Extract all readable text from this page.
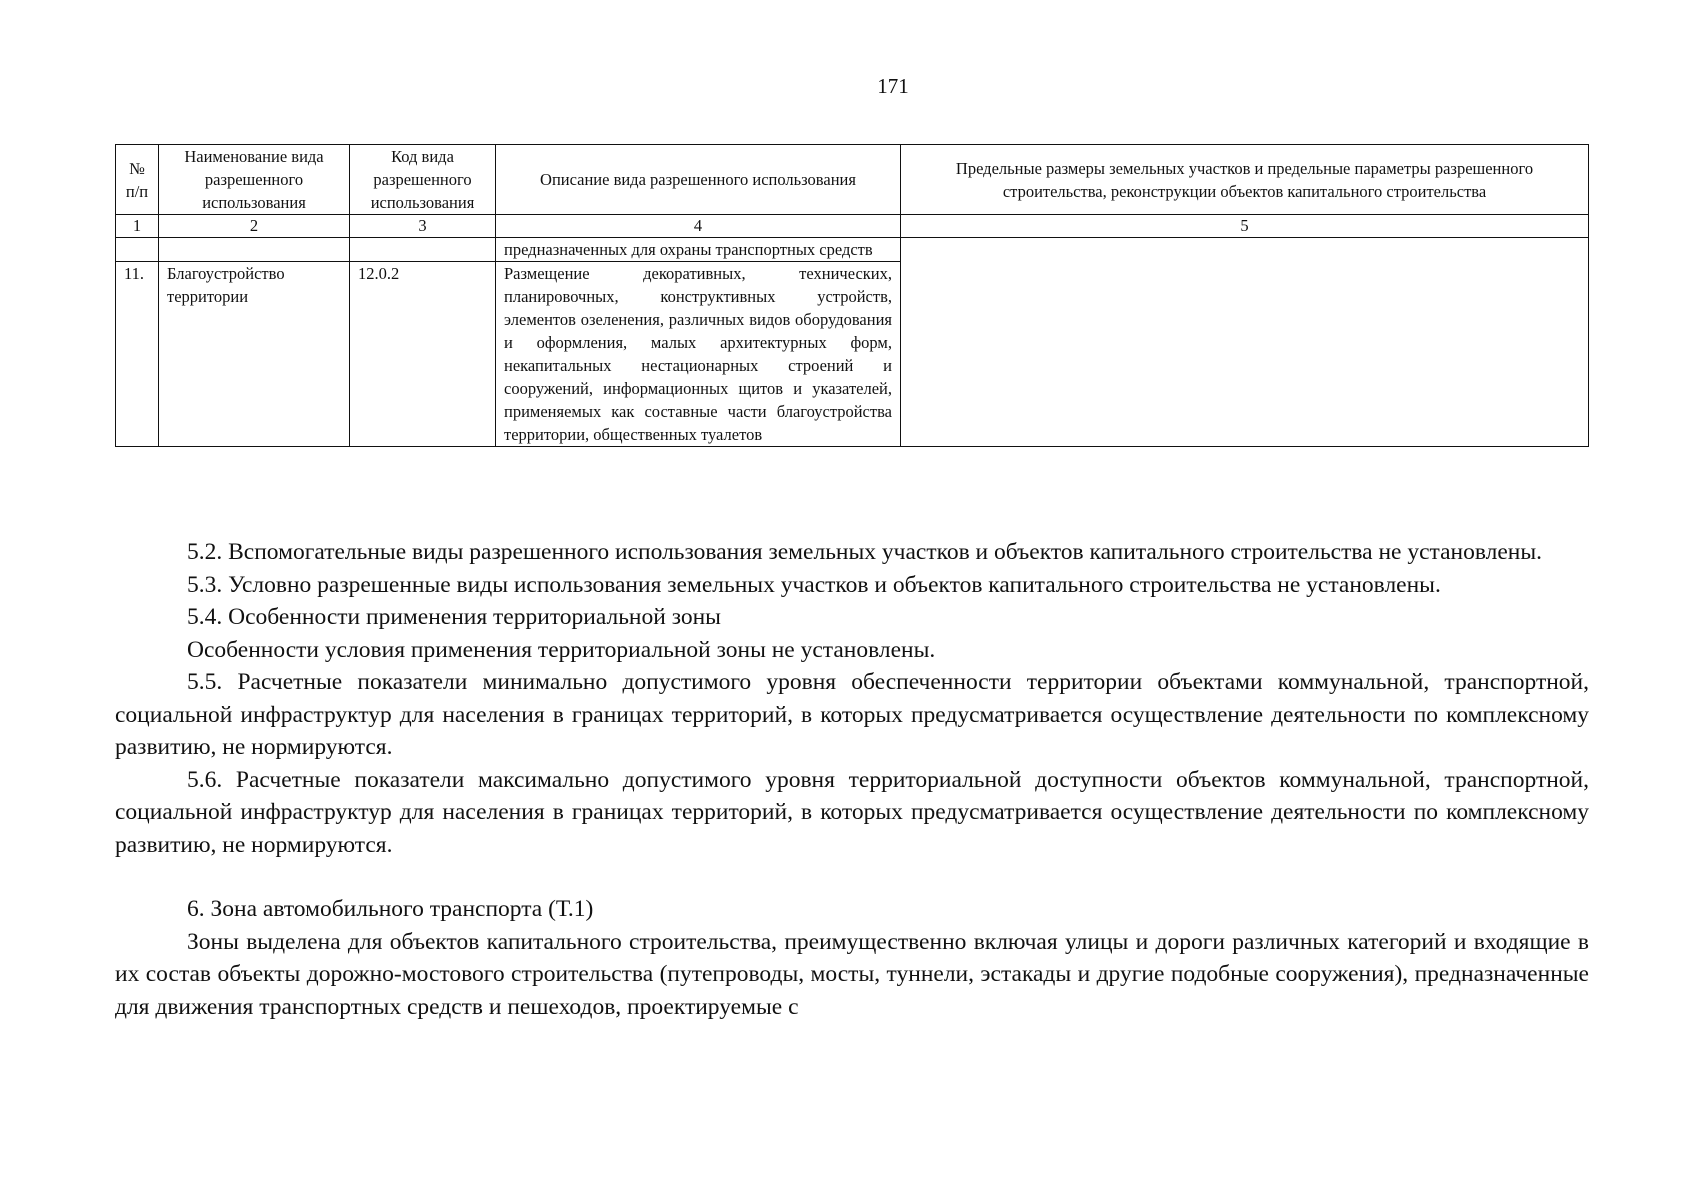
171
№ п/п	Наименование вида разрешенного использования	Код вида разрешенного использования	Описание вида разрешенного использования	Предельные размеры земельных участков и предельные параметры разрешенного строительства, реконструкции объектов капитального строительства
1	2	3	4	5
			предназначенных для охраны транспортных средств	
11.	Благоустройство территории	12.0.2	Размещение декоративных, технических, планировочных, конструктивных устройств, элементов озеленения, различных видов оборудования и оформления, малых архитектурных форм, некапитальных нестационарных строений и сооружений, информационных щитов и указателей, применяемых как составные части благоустройства территории, общественных туалетов	

5.2. Вспомогательные виды разрешенного использования земельных участков и объектов капитального строительства не установлены.

5.3. Условно разрешенные виды использования земельных участков и объектов капитального строительства не установлены.

5.4. Особенности применения территориальной зоны

Особенности условия применения территориальной зоны не установлены.

5.5. Расчетные показатели минимально допустимого уровня обеспеченности территории объектами коммунальной, транспортной, социальной инфраструктур для населения в границах территорий, в которых предусматривается осуществление деятельности по комплексному развитию, не нормируются.

5.6. Расчетные показатели максимально допустимого уровня территориальной доступности объектов коммунальной, транспортной, социальной инфраструктур для населения в границах территорий, в которых предусматривается осуществление деятельности по комплексному развитию, не нормируются.

6. Зона автомобильного транспорта (Т.1)

Зоны выделена для объектов капитального строительства, преимущественно включая улицы и дороги различных категорий и входящие в их состав объекты дорожно-мостового строительства (путепроводы, мосты, туннели, эстакады и другие подобные сооружения), предназначенные для движения транспортных средств и пешеходов, проектируемые с
